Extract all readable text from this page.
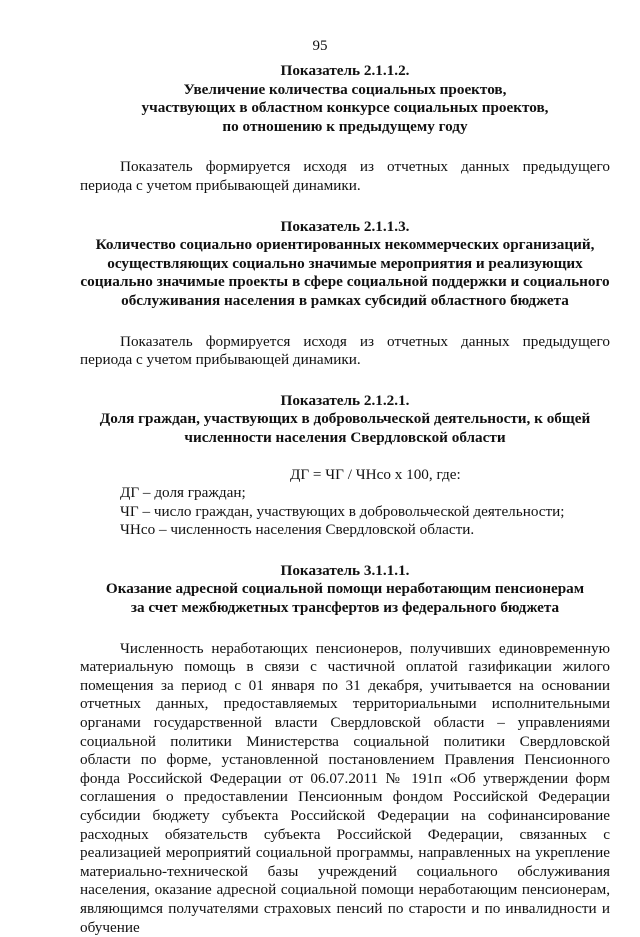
95

Показатель 2.1.1.2.

Увеличение количества социальных проектов,

участвующих в областном конкурсе социальных проектов,

по отношению к предыдущему году

Показатель формируется исходя из отчетных данных предыдущего периода с учетом прибывающей динамики.

Показатель 2.1.1.3.

Количество социально ориентированных некоммерческих организаций,

осуществляющих социально значимые мероприятия и реализующих

социально значимые проекты в сфере социальной поддержки и социального

обслуживания населения в рамках субсидий областного бюджета

Показатель формируется исходя из отчетных данных предыдущего периода с учетом прибывающей динамики.

Показатель 2.1.2.1.

Доля граждан, участвующих в добровольческой деятельности, к общей

численности населения Свердловской области

ДГ = ЧГ / ЧНсо х 100, где:

ДГ – доля граждан;

ЧГ – число граждан, участвующих в добровольческой деятельности;

ЧНсо – численность населения Свердловской области.

Показатель 3.1.1.1.

Оказание адресной социальной помощи неработающим пенсионерам

за счет межбюджетных трансфертов из федерального бюджета

Численность неработающих пенсионеров, получивших единовременную материальную помощь в связи с частичной оплатой газификации жилого помещения за период с 01 января по 31 декабря, учитывается на основании отчетных данных, предоставляемых территориальными исполнительными органами государственной власти Свердловской области – управлениями социальной политики Министерства социальной политики Свердловской области по форме, установленной постановлением Правления Пенсионного фонда Российской Федерации от 06.07.2011 № 191п «Об утверждении форм соглашения о предоставлении Пенсионным фондом Российской Федерации субсидии бюджету субъекта Российской Федерации на софинансирование расходных обязательств субъекта Российской Федерации, связанных с реализацией мероприятий социальной программы, направленных на укрепление материально-технической базы учреждений социального обслуживания населения, оказание адресной социальной помощи неработающим пенсионерам, являющимся получателями страховых пенсий по старости и по инвалидности и обучение
